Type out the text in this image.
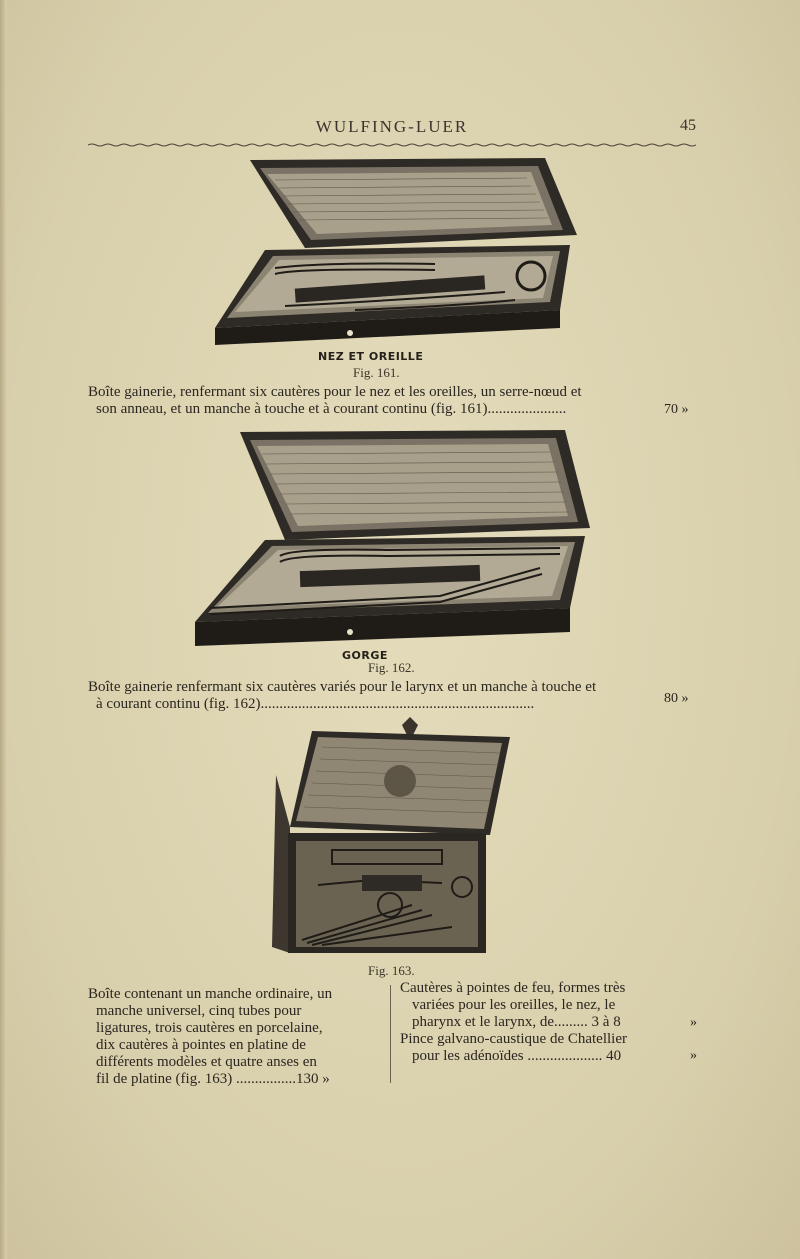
WULFING-LUER	45
NEZ ET OREILLE
Fig. 161.
Boîte gainerie, renfermant six cautères pour le nez et les oreilles, un serre-nœud et
son anneau, et un manche à touche et à courant continu (fig. 161).....................	70 »
GORGE
Fig. 162.
Boîte gainerie renfermant six cautères variés pour le larynx et un manche à touche et
à courant continu (fig. 162).........................................................................	80 »
Fig. 163.
Boîte contenant un manche ordinaire, un
manche universel, cinq tubes pour
ligatures, trois cautères en porcelaine,
dix cautères à pointes en platine de
différents modèles et quatre anses en
fil de platine (fig. 163) ................130 »
Cautères à pointes de feu, formes très
variées pour les oreilles, le nez, le
pharynx et le larynx, de......... 3 à 8	»
Pince galvano-caustique de Chatellier
pour les adénoïdes .................... 40	»
